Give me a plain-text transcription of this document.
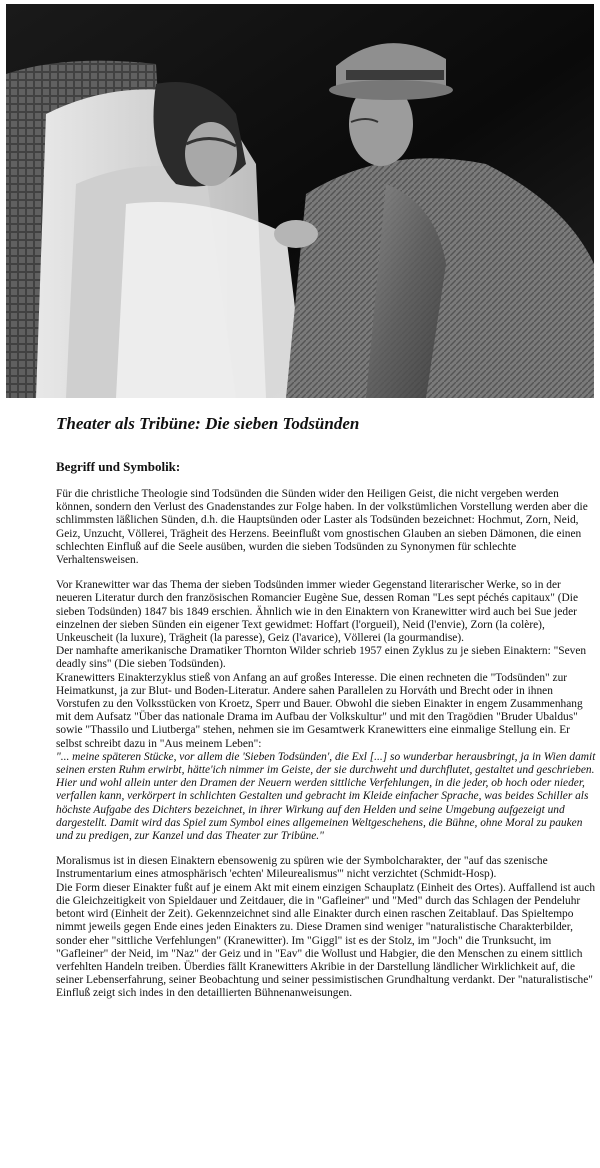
Theater als Tribüne: Die sieben Todsünden
Begriff und Symbolik:

Für die christliche Theologie sind Todsünden die Sünden wider den Heiligen Geist, die nicht vergeben werden können, sondern den Verlust des Gnadenstandes zur Folge haben. In der volkstümlichen Vorstellung werden aber die schlimmsten läßlichen Sünden, d.h. die Hauptsünden oder Laster als Todsünden bezeichnet: Hochmut, Zorn, Neid, Geiz, Unzucht, Völlerei, Trägheit des Herzens. Beeinflußt vom gnostischen Glauben an sieben Dämonen, die einen schlechten Einfluß auf die Seele ausüben, wurden die sieben Todsünden zu Synonymen für schlechte Verhaltensweisen.

Vor Kranewitter war das Thema der sieben Todsünden immer wieder Gegenstand literarischer Werke, so in der neueren Literatur durch den französischen Romancier Eugène Sue, dessen Roman "Les sept péchés capitaux" (Die sieben Todsünden) 1847 bis 1849 erschien. Ähnlich wie in den Einaktern von Kranewitter wird auch bei Sue jeder einzelnen der sieben Sünden ein eigener Text gewidmet: Hoffart (l'orgueil), Neid (l'envie), Zorn (la colère), Unkeuscheit (la luxure), Trägheit (la paresse), Geiz (l'avarice), Völlerei (la gourmandise).

Der namhafte amerikanische Dramatiker Thornton Wilder schrieb 1957 einen Zyklus zu je sieben Einaktern: "Seven deadly sins" (Die sieben Todsünden).

Kranewitters Einakterzyklus stieß von Anfang an auf großes Interesse. Die einen rechneten die "Todsünden" zur Heimatkunst, ja zur Blut- und Boden-Literatur. Andere sahen Parallelen zu Horváth und Brecht oder in ihnen Vorstufen zu den Volksstücken von Kroetz, Sperr und Bauer. Obwohl die sieben Einakter in engem Zusammenhang mit dem Aufsatz "Über das nationale Drama im Aufbau der Volkskultur" und mit den Tragödien "Bruder Ubaldus" sowie "Thassilo und Liutberga" stehen, nehmen sie im Gesamtwerk Kranewitters eine einmalige Stellung ein. Er selbst schreibt dazu in "Aus meinem Leben":

"... meine späteren Stücke, vor allem die 'Sieben Todsünden', die Exl [...] so wunderbar herausbringt, ja in Wien damit seinen ersten Ruhm erwirbt, hätte'ich nimmer im Geiste, der sie durchweht und durchflutet, gestaltet und geschrieben. Hier und wohl allein unter den Dramen der Neuern werden sittliche Verfehlungen, in die jeder, ob hoch oder nieder, verfallen kann, verkörpert in schlichten Gestalten und gebracht im Kleide einfacher Sprache, was beides Schiller als höchste Aufgabe des Dichters bezeichnet, in ihrer Wirkung auf den Helden und seine Umgebung aufgezeigt und dargestellt. Damit wird das Spiel zum Symbol eines allgemeinen Weltgeschehens, die Bühne, ohne Moral zu pauken und zu predigen, zur Kanzel und das Theater zur Tribüne."

Moralismus ist in diesen Einaktern ebensowenig zu spüren wie der Symbolcharakter, der "auf das szenische Instrumentarium eines atmosphärisch 'echten' Mileurealismus'" nicht verzichtet (Schmidt-Hosp).

Die Form dieser Einakter fußt auf je einem Akt mit einem einzigen Schauplatz (Einheit des Ortes). Auffallend ist auch die Gleichzeitigkeit von Spieldauer und Zeitdauer, die in "Gafleiner" und "Med" durch das Schlagen der Pendeluhr betont wird (Einheit der Zeit). Gekennzeichnet sind alle Einakter durch einen raschen Zeitablauf. Das Spieltempo nimmt jeweils gegen Ende eines jeden Einakters zu. Diese Dramen sind weniger "naturalistische Charakterbilder, sonder eher "sittliche Verfehlungen" (Kranewitter). Im "Giggl" ist es der Stolz, im "Joch" die Trunksucht, im "Gafleiner" der Neid, im "Naz" der Geiz und in "Eav" die Wollust und Habgier, die den Menschen zu einem sittlich verfehlten Handeln treiben. Überdies fällt Kranewitters Akribie in der Darstellung ländlicher Wirklichkeit auf, die seiner Lebenserfahrung, seiner Beobachtung und seiner pessimistischen Grundhaltung verdankt. Der "naturalistische" Einfluß zeigt sich indes in den detaillierten Bühnenanweisungen.
